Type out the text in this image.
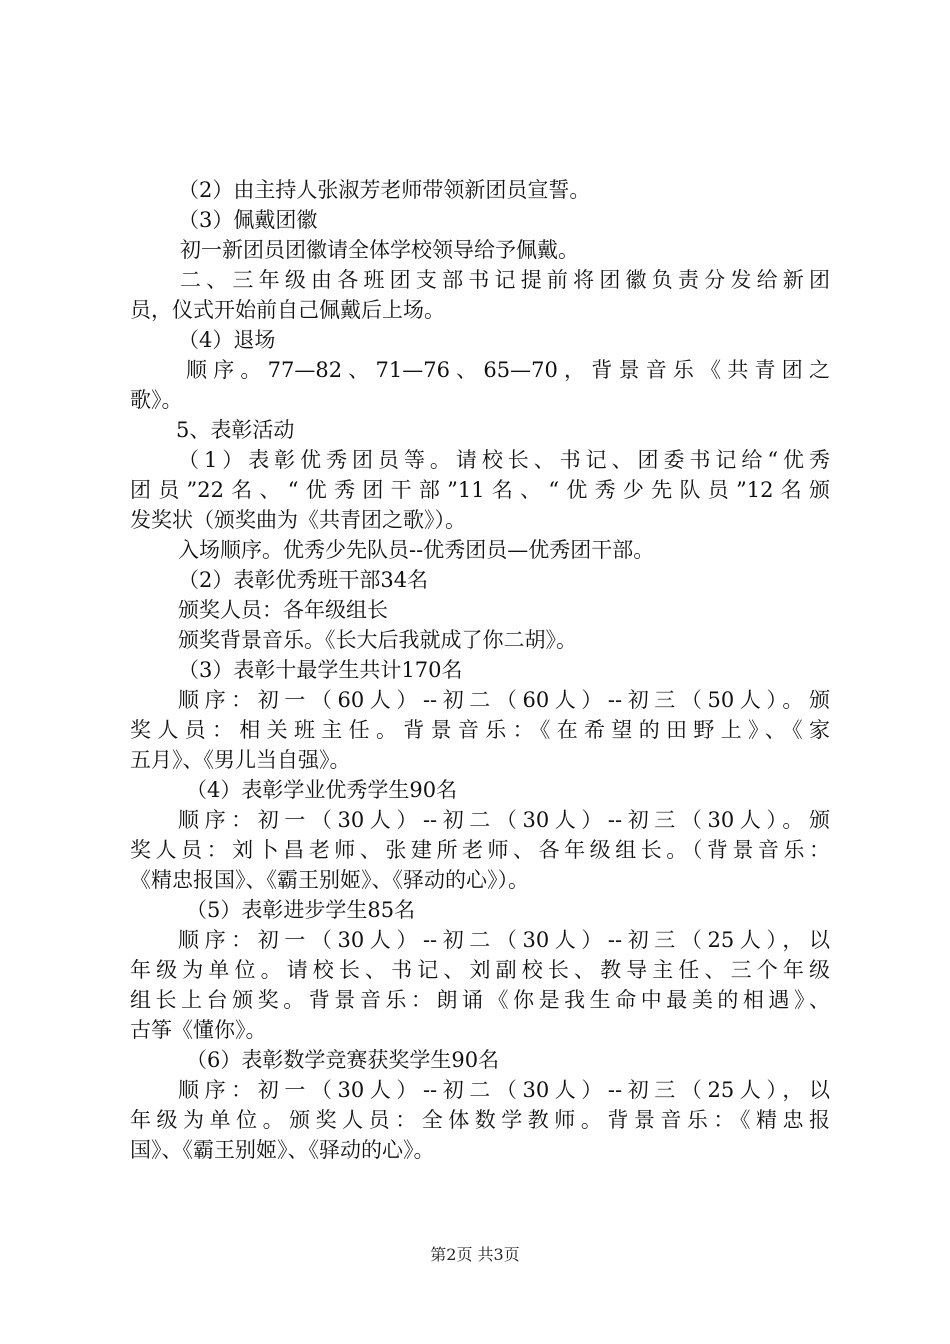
（2）由主持人张淑芳老师带领新团员宣誓。
（3）佩戴团徽
初一新团员团徽请全体学校领导给予佩戴。
二、三年级由各班团支部书记提前将团徽负责分发给新团
员，仪式开始前自己佩戴后上场。
（4）退场
顺序。77—82、71—76、65—70，背景音乐《共青团之
歌》。
5、表彰活动
（1）表彰优秀团员等。请校长、书记、团委书记给“优秀
团员”22名、“优秀团干部”11名、“优秀少先队员”12名颁
发奖状（颁奖曲为《共青团之歌》）。
入场顺序。优秀少先队员--优秀团员—优秀团干部。
（2）表彰优秀班干部34名
颁奖人员：各年级组长
颁奖背景音乐。《长大后我就成了你二胡》。
（3）表彰十最学生共计170名
顺序：初一（60人）--初二（60人）--初三（50人）。颁
奖人员：相关班主任。背景音乐：《在希望的田野上》、《家
五月》、《男儿当自强》。
（4）表彰学业优秀学生90名
顺序：初一（30人）--初二（30人）--初三（30人）。颁
奖人员：刘卜昌老师、张建所老师、各年级组长。（背景音乐：
《精忠报国》、《霸王别姬》、《驿动的心》）。
（5）表彰进步学生85名
顺序：初一（30人）--初二（30人）--初三（25人），以
年级为单位。请校长、书记、刘副校长、教导主任、三个年级
组长上台颁奖。背景音乐：朗诵《你是我生命中最美的相遇》、
古筝《懂你》。
（6）表彰数学竞赛获奖学生90名
顺序：初一（30人）--初二（30人）--初三（25人），以
年级为单位。颁奖人员：全体数学教师。背景音乐：《精忠报
国》、《霸王别姬》、《驿动的心》。
第2页 共3页
